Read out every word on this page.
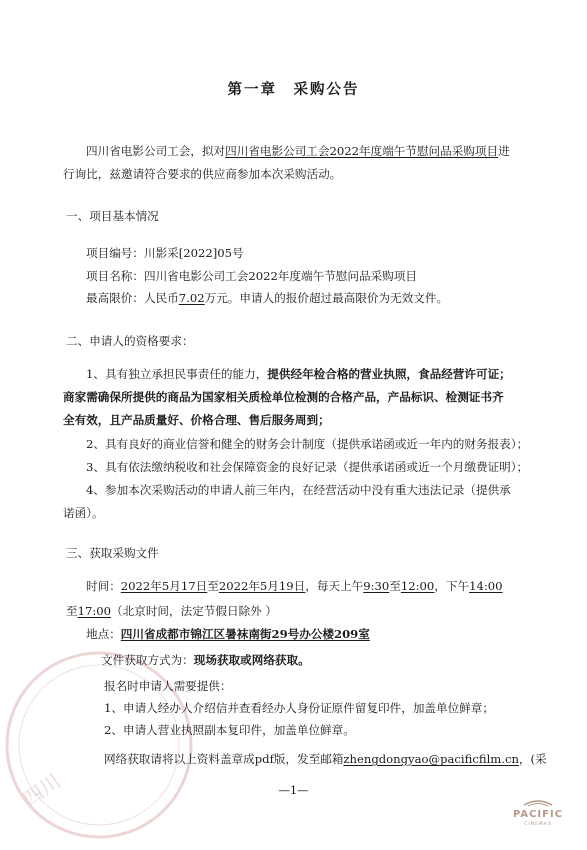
四川
第一章　采购公告
四川省电影公司工会，拟对四川省电影公司工会2022年度端午节慰问品采购项目进
行询比，兹邀请符合要求的供应商参加本次采购活动。
一、项目基本情况
项目编号：川影采[2022]05号
项目名称：四川省电影公司工会2022年度端午节慰问品采购项目
最高限价：人民币7.02万元。申请人的报价超过最高限价为无效文件。
二、申请人的资格要求：
1、具有独立承担民事责任的能力，提供经年检合格的营业执照，食品经营许可证；
商家需确保所提供的商品为国家相关质检单位检测的合格产品，产品标识、检测证书齐
全有效，且产品质量好、价格合理、售后服务周到；
2、具有良好的商业信誉和健全的财务会计制度（提供承诺函或近一年内的财务报表）；
3、具有依法缴纳税收和社会保障资金的良好记录（提供承诺函或近一个月缴费证明）；
4、参加本次采购活动的申请人前三年内，在经营活动中没有重大违法记录（提供承
诺函）。
三、获取采购文件
时间：2022年5月17日至2022年5月19日，每天上午9:30至12:00，下午14:00
至17:00（北京时间，法定节假日除外 ）
地点：四川省成都市锦江区暑袜南街29号办公楼209室
文件获取方式为：现场获取或网络获取。
报名时申请人需要提供：
1、申请人经办人介绍信并查看经办人身份证原件留复印件，加盖单位鲜章；
2、申请人营业执照副本复印件，加盖单位鲜章。
网络获取请将以上资料盖章成pdf版，发至邮箱zhengdongyao@pacificfilm.cn，(采
—1—
PACIFIC
CINEMAS
